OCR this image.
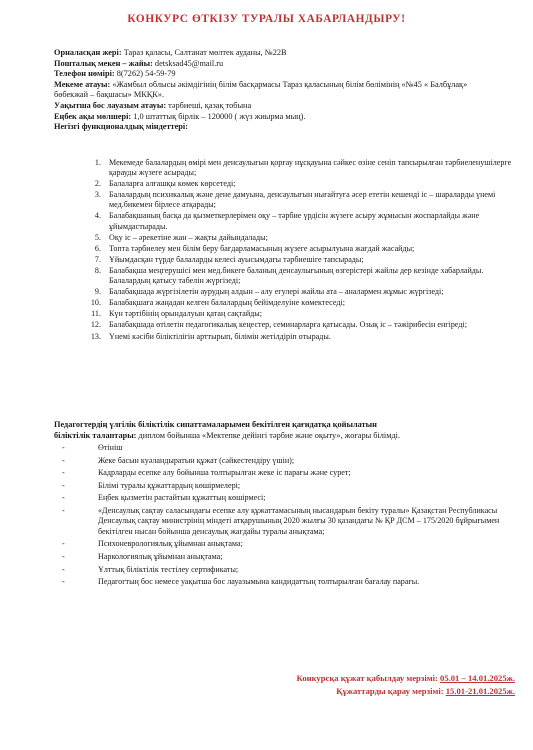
КОНКУРС ӨТКІЗУ ТУРАЛЫ ХАБАРЛАНДЫРУ!
Орналасқан жері: Тараз қаласы, Салтанат мөлтек ауданы, №22В
Пошталық мекен – жайы: detsksad45@mail.ru
Телефон нөмірі: 8(7262) 54-59-79
Мекеме атауы: «Жамбыл облысы әкімдігінің білім басқармасы Тараз қаласының білім бөлімінің «№45 « Балбұлақ» бөбекжай – бақшасы» МКҚК».
Уақытша бос лауазым атауы: тәрбиеші, қазақ тобына
Еңбек ақы мөлшері: 1,0 штаттық бірлік – 120000 ( жүз жиырма мың).
Негізгі функционалдық міндеттері:
1. Мекемеде балалардың өмірі мен денсаулығын қорғау нұсқауына сәйкес өзіне сеніп тапсырылған тәрбиеленушілерге қарауды жүзеге асырады;
2. Балаларға алғашқы көмек көрсетеді;
3. Балалардың психикалық және дене дамуына, денсаулығын нығайтуға әсер ететін кешенді іс – шараларды үнемі мед.бикемен бірлесе атқарады;
4. Балабақшаның басқа да қызметкерлерімен оқу – тәрбие үрдісін жүзеге асыру жұмысын жоспарлайды және ұйымдастырады.
5. Оқу іс – әрекетіне жан – жақты дайындалады;
6. Топта тәрбиелеу мен білім беру бағдарламасының жүзеге асырылуына жағдай жасайды;
7. Ұйымдасқан түрде балаларды келесі ауысымдағы тәрбиешіге тапсырады;
8. Балабақша меңгерушісі мен мед.бикеге баланың денсаулығының өзгерістері жайлы дер кезінде хабарлайды. Балалардың қатысу табелін жүргізеді;
9. Балабақшада жүргізілетін аурудың алдын – алу егулері жайлы ата – аналармен жұмыс жүргізеді;
10. Балабақшаға жаңадан келген балалардың бейімделуіне көмектеседі;
11. Күн тәртібінің орындалуын қатаң сақтайды;
12. Балабақшада өтілетін педагогикалық кеңестер, семинарларға қатысады. Озық іс – тәжірибесін енгіреді;
13. Үнемі кәсіби біліктілігін арттырып, білімін жетілдіріп отырады.
Педагогтердің үлгілік біліктілік сипаттамаларымен бекітілген қағидатқа қойылатын
біліктілік талаптары: диплом бойынша «Мектепке дейінгі тәрбие және оқыту», жоғары білімді.
- Өтініш
- Жеке басын куәландыратын құжат (сәйкестендіру үшін);
- Кадрларды есепке алу бойынша толтырылған жеке іс парағы және сурет;
- Білімі туралы құжаттардың көшірмелері;
- Еңбек қызметін растайтын құжаттың көшірмесі;
- «Денсаулық сақтау саласындағы есепке алу құжаттамасының нысандарын бекіту туралы» Қазақстан Республикасы Денсаулық сақтау министрінің міндеті атқарушының 2020 жылғы 30 қазандағы № ҚР ДСМ – 175/2020 бұйрығымен бекітілген нысан бойынша денсаулық жағдайы туралы анықтама;
- Психоневрологиялық ұйымнан анықтама;
- Наркологиялық ұйымнан анықтама;
- Ұлттық біліктілік тестілеу сертификаты;
- Педагогтың бос немесе уақытша бос лауазымына кандидаттың толтырылған бағалау парағы.
Конкурсқа құжат қабылдау мерзімі: 05.01 – 14.01.2025ж.
Құжаттарды қарау мерзімі: 15.01-21.01.2025ж.
